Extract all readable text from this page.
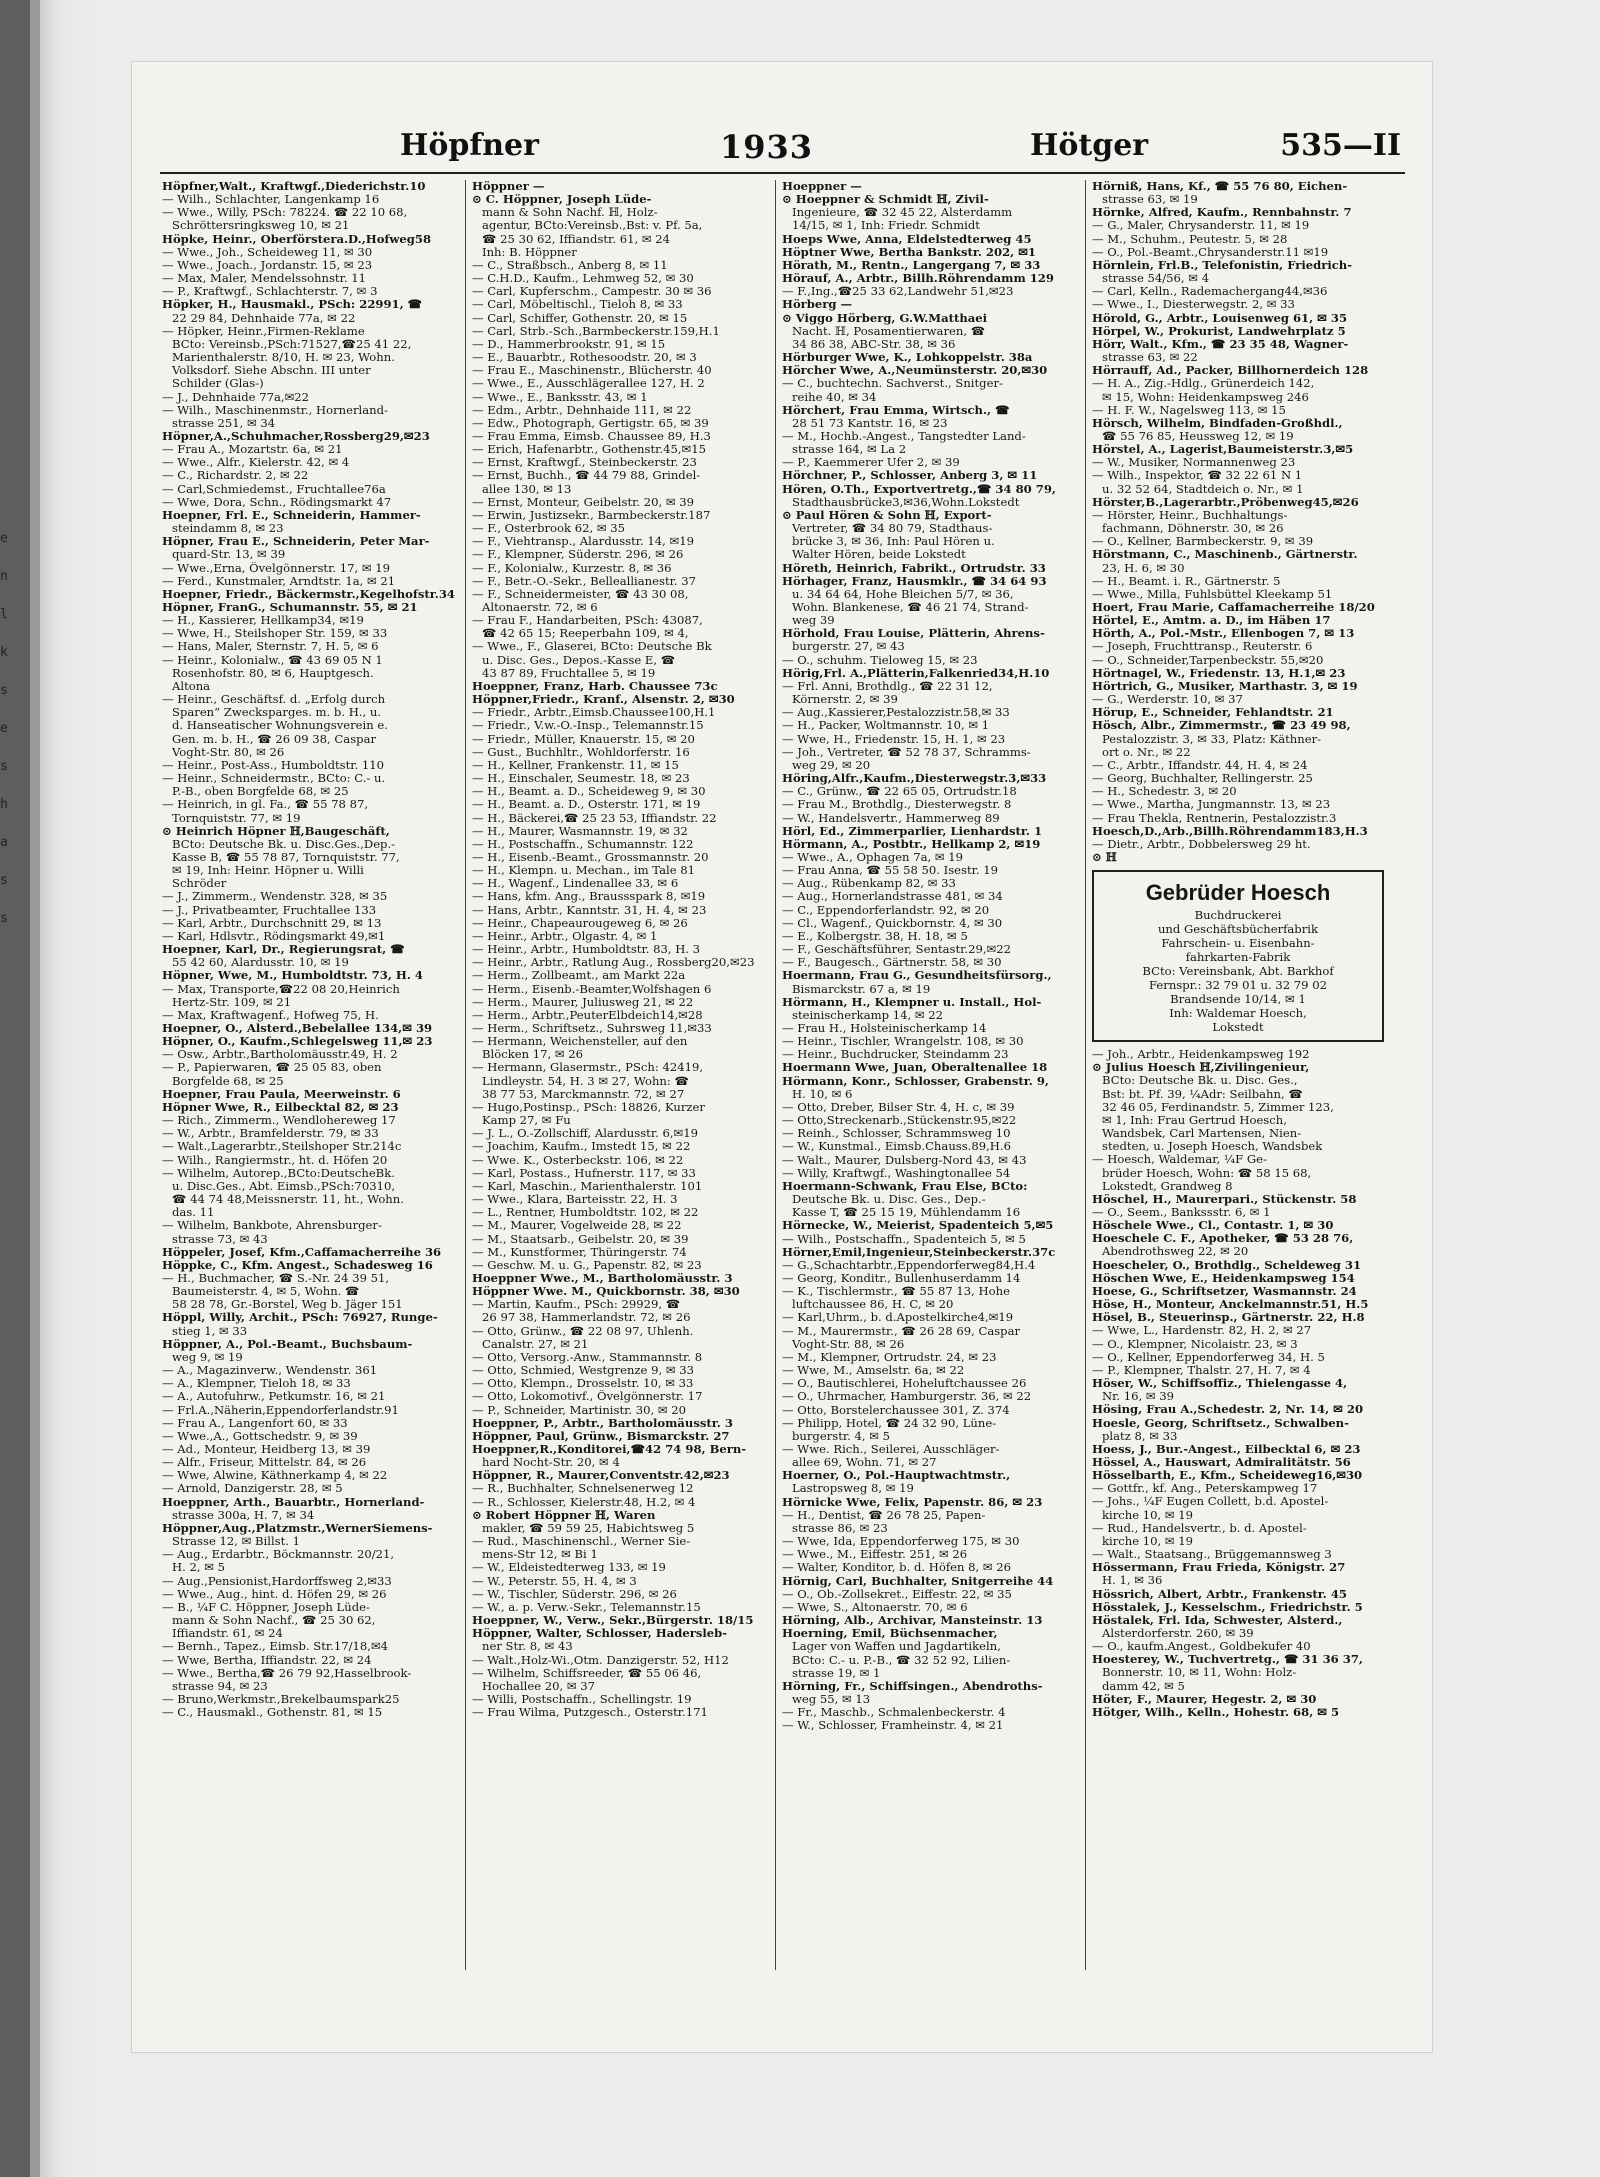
e
n
l
k
s
e
s
h
a
s
s
Höpfner	1933	Hötger	535—II
Höpfner,Walt., Kraftwgf.,Diederichstr.10
— Wilh., Schlachter, Langenkamp 16
— Wwe., Willy, PSch: 78224. ☎ 22 10 68,
Schröttersringksweg 10, ✉ 21
Höpke, Heinr., Oberförstera.D.,Hofweg58
— Wwe., Joh., Scheideweg 11, ✉ 30
— Wwe., Joach., Jordanstr. 15, ✉ 23
— Max, Maler, Mendelssohnstr. 11
— P., Kraftwgf., Schlachterstr. 7, ✉ 3
Höpker, H., Hausmakl., PSch: 22991, ☎
22 29 84, Dehnhaide 77a, ✉ 22
— Höpker, Heinr.,Firmen-Reklame
BCto: Vereinsb.,PSch:71527,☎25 41 22,
Marienthalerstr. 8/10, H. ✉ 23, Wohn.
Volksdorf. Siehe Abschn. III unter
Schilder (Glas-)
— J., Dehnhaide 77a,✉22
— Wilh., Maschinenmstr., Hornerland-
strasse 251, ✉ 34
Höpner,A.,Schuhmacher,Rossberg29,✉23
— Frau A., Mozartstr. 6a, ✉ 21
— Wwe., Alfr., Kielerstr. 42, ✉ 4
— C., Richardstr. 2, ✉ 22
— Carl,Schmiedemst., Fruchtallee76a
— Wwe, Dora, Schn., Rödingsmarkt 47
Hoepner, Frl. E., Schneiderin, Hammer-
steindamm 8, ✉ 23
Höpner, Frau E., Schneiderin, Peter Mar-
quard-Str. 13, ✉ 39
— Wwe.,Erna, Övelgönnerstr. 17, ✉ 19
— Ferd., Kunstmaler, Arndtstr. 1a, ✉ 21
Hoepner, Friedr., Bäckermstr.,Kegelhofstr.34
Höpner, FranG., Schumannstr. 55, ✉ 21
— H., Kassierer, Hellkamp34, ✉19
— Wwe, H., Steilshoper Str. 159, ✉ 33
— Hans, Maler, Sternstr. 7, H. 5, ✉ 6
— Heinr., Kolonialw., ☎ 43 69 05 N 1
Rosenhofstr. 80, ✉ 6, Hauptgesch.
Altona
— Heinr., Geschäftsf. d. „Erfolg durch
Sparen“ Zwecksparges. m. b. H., u.
d. Hanseatischer Wohnungsverein e.
Gen. m. b. H., ☎ 26 09 38, Caspar
Voght-Str. 80, ✉ 26
— Heinr., Post-Ass., Humboldtstr. 110
— Heinr., Schneidermstr., BCto: C.- u.
P.-B., oben Borgfelde 68, ✉ 25
— Heinrich, in gl. Fa., ☎ 55 78 87,
Tornquiststr. 77, ✉ 19
⊙ Heinrich Höpner ℍ,Baugeschäft,
BCto: Deutsche Bk. u. Disc.Ges.,Dep.-
Kasse B, ☎ 55 78 87, Tornquiststr. 77,
✉ 19, Inh: Heinr. Höpner u. Willi
Schröder
— J., Zimmerm., Wendenstr. 328, ✉ 35
— J., Privatbeamter, Fruchtallee 133
— Karl, Arbtr., Durchschnitt 29, ✉ 13
— Karl, Hdlsvtr., Rödingsmarkt 49,✉1
Hoepner, Karl, Dr., Regierungsrat, ☎
55 42 60, Alardusstr. 10, ✉ 19
Höpner, Wwe, M., Humboldtstr. 73, H. 4
— Max, Transporte,☎22 08 20,Heinrich
Hertz-Str. 109, ✉ 21
— Max, Kraftwagenf., Hofweg 75, H.
Hoepner, O., Alsterd.,Bebelallee 134,✉ 39
Höpner, O., Kaufm.,Schlegelsweg 11,✉ 23
— Osw., Arbtr.,Bartholomäusstr.49, H. 2
— P., Papierwaren, ☎ 25 05 83, oben
Borgfelde 68, ✉ 25
Hoepner, Frau Paula, Meerweinstr. 6
Höpner Wwe, R., Eilbecktal 82, ✉ 23
— Rich., Zimmerm., Wendlohereweg 17
— W., Arbtr., Bramfelderstr. 79, ✉ 33
— Walt.,Lagerarbtr.,Steilshoper Str.214c
— Wilh., Rangiermstr., ht. d. Höfen 20
— Wilhelm, Autorep.,BCto:DeutscheBk.
u. Disc.Ges., Abt. Eimsb.,PSch:70310,
☎ 44 74 48,Meissnerstr. 11, ht., Wohn.
das. 11
— Wilhelm, Bankbote, Ahrensburger-
strasse 73, ✉ 43
Höppeler, Josef, Kfm.,Caffamacherreihe 36
Höppke, C., Kfm. Angest., Schadesweg 16
— H., Buchmacher, ☎ S.-Nr. 24 39 51,
Baumeisterstr. 4, ✉ 5, Wohn. ☎
58 28 78, Gr.-Borstel, Weg b. Jäger 151
Höppl, Willy, Archit., PSch: 76927, Runge-
stieg 1, ✉ 33
Höppner, A., Pol.-Beamt., Buchsbaum-
weg 9, ✉ 19
— A., Magazinverw., Wendenstr. 361
— A., Klempner, Tieloh 18, ✉ 33
— A., Autofuhrw., Petkumstr. 16, ✉ 21
— Frl.A.,Näherin,Eppendorferlandstr.91
— Frau A., Langenfort 60, ✉ 33
— Wwe.,A., Gottschedstr. 9, ✉ 39
— Ad., Monteur, Heidberg 13, ✉ 39
— Alfr., Friseur, Mittelstr. 84, ✉ 26
— Wwe, Alwine, Käthnerkamp 4, ✉ 22
— Arnold, Danzigerstr. 28, ✉ 5
Hoeppner, Arth., Bauarbtr., Hornerland-
strasse 300a, H. 7, ✉ 34
Höppner,Aug.,Platzmstr.,WernerSiemens-
Strasse 12, ✉ Billst. 1
— Aug., Erdarbtr., Böckmannstr. 20/21,
H. 2, ✉ 5
— Aug.,Pensionist,Hardorffsweg 2,✉33
— Wwe., Aug., hint. d. Höfen 29, ✉ 26
— B., ¼F C. Höppner, Joseph Lüde-
mann & Sohn Nachf., ☎ 25 30 62,
Iffiandstr. 61, ✉ 24
— Bernh., Tapez., Eimsb. Str.17/18,✉4
— Wwe, Bertha, Iffiandstr. 22, ✉ 24
— Wwe., Bertha,☎ 26 79 92,Hasselbrook-
strasse 94, ✉ 23
— Bruno,Werkmstr.,Brekelbaumspark25
— C., Hausmakl., Gothenstr. 81, ✉ 15
Höppner —
⊙ C. Höppner, Joseph Lüde-
mann & Sohn Nachf. ℍ, Holz-
agentur, BCto:Vereinsb.,Bst: v. Pf. 5a,
☎ 25 30 62, Iffiandstr. 61, ✉ 24
Inh: B. Höppner
— C., Straßbsch., Anberg 8, ✉ 11
— C.H.D., Kaufm., Lehmweg 52, ✉ 30
— Carl, Kupferschm., Campestr. 30 ✉ 36
— Carl, Möbeltischl., Tieloh 8, ✉ 33
— Carl, Schiffer, Gothenstr. 20, ✉ 15
— Carl, Strb.-Sch.,Barmbeckerstr.159,H.1
— D., Hammerbrookstr. 91, ✉ 15
— E., Bauarbtr., Rothesoodstr. 20, ✉ 3
— Frau E., Maschinenstr., Blücherstr. 40
— Wwe., E., Ausschlägerallee 127, H. 2
— Wwe., E., Banksstr. 43, ✉ 1
— Edm., Arbtr., Dehnhaide 111, ✉ 22
— Edw., Photograph, Gertigstr. 65, ✉ 39
— Frau Emma, Eimsb. Chaussee 89, H.3
— Erich, Hafenarbtr., Gothenstr.45,✉15
— Ernst, Kraftwgf., Steinbeckerstr. 23
— Ernst, Buchh., ☎ 44 79 88, Grindel-
allee 130, ✉ 13
— Ernst, Monteur, Geibelstr. 20, ✉ 39
— Erwin, Justizsekr., Barmbeckerstr.187
— F., Osterbrook 62, ✉ 35
— F., Viehtransp., Alardusstr. 14, ✉19
— F., Klempner, Süderstr. 296, ✉ 26
— F., Kolonialw., Kurzestr. 8, ✉ 36
— F., Betr.-O.-Sekr., Belleallianestr. 37
— F., Schneidermeister, ☎ 43 30 08,
Altonaerstr. 72, ✉ 6
— Frau F., Handarbeiten, PSch: 43087,
☎ 42 65 15; Reeperbahn 109, ✉ 4,
— Wwe., F., Glaserei, BCto: Deutsche Bk
u. Disc. Ges., Depos.-Kasse E, ☎
43 87 89, Fruchtallee 5, ✉ 19
Hoeppner, Franz, Harb. Chaussee 73c
Höppner,Friedr., Kranf., Alsenstr. 2, ✉30
— Friedr., Arbtr.,Eimsb.Chaussee100,H.1
— Friedr., V.w.-O.-Insp., Telemannstr.15
— Friedr., Müller, Knauerstr. 15, ✉ 20
— Gust., Buchhltr., Wohldorferstr. 16
— H., Kellner, Frankenstr. 11, ✉ 15
— H., Einschaler, Seumestr. 18, ✉ 23
— H., Beamt. a. D., Scheideweg 9, ✉ 30
— H., Beamt. a. D., Osterstr. 171, ✉ 19
— H., Bäckerei,☎ 25 23 53, Iffiandstr. 22
— H., Maurer, Wasmannstr. 19, ✉ 32
— H., Postschaffn., Schumannstr. 122
— H., Eisenb.-Beamt., Grossmannstr. 20
— H., Klempn. u. Mechan., im Tale 81
— H., Wagenf., Lindenallee 33, ✉ 6
— Hans, kfm. Ang., Braussspark 8, ✉19
— Hans, Arbtr., Kanntstr. 31, H. 4, ✉ 23
— Heinr., Chapeaurougeweg 6, ✉ 26
— Heinr., Arbtr., Olgastr. 4, ✉ 1
— Heinr., Arbtr., Humboldtstr. 83, H. 3
— Heinr., Arbtr., Ratlung Aug., Rossberg20,✉23
— Herm., Zollbeamt., am Markt 22a
— Herm., Eisenb.-Beamter,Wolfshagen 6
— Herm., Maurer, Juliusweg 21, ✉ 22
— Herm., Arbtr.,PeuterElbdeich14,✉28
— Herm., Schriftsetz., Suhrsweg 11,✉33
— Hermann, Weichensteller, auf den
Blöcken 17, ✉ 26
— Hermann, Glasermstr., PSch: 42419,
Lindleystr. 54, H. 3 ✉ 27, Wohn: ☎
38 77 53, Marckmannstr. 72, ✉ 27
— Hugo,Postinsp., PSch: 18826, Kurzer
Kamp 27, ✉ Fu
— J. L., O.-Zollschiff, Alardusstr. 6,✉19
— Joachim, Kaufm., Imstedt 15, ✉ 22
— Wwe. K., Osterbeckstr. 106, ✉ 22
— Karl, Postass., Hufnerstr. 117, ✉ 33
— Karl, Maschin., Marienthalerstr. 101
— Wwe., Klara, Barteisstr. 22, H. 3
— L., Rentner, Humboldtstr. 102, ✉ 22
— M., Maurer, Vogelweide 28, ✉ 22
— M., Staatsarb., Geibelstr. 20, ✉ 39
— M., Kunstformer, Thüringerstr. 74
— Geschw. M. u. G., Papenstr. 82, ✉ 23
Hoeppner Wwe., M., Bartholomäusstr. 3
Höppner Wwe. M., Quickbornstr. 38, ✉30
— Martin, Kaufm., PSch: 29929, ☎
26 97 38, Hammerlandstr. 72, ✉ 26
— Otto, Grünw., ☎ 22 08 97, Uhlenh.
Canalstr. 27, ✉ 21
— Otto, Versorg.-Anw., Stammannstr. 8
— Otto, Schmied, Westgrenze 9, ✉ 33
— Otto, Klempn., Drosselstr. 10, ✉ 33
— Otto, Lokomotivf., Övelgönnerstr. 17
— P., Schneider, Martinistr. 30, ✉ 20
Hoeppner, P., Arbtr., Bartholomäusstr. 3
Höppner, Paul, Grünw., Bismarckstr. 27
Hoeppner,R.,Konditorei,☎42 74 98, Bern-
hard Nocht-Str. 20, ✉ 4
Höppner, R., Maurer,Conventstr.42,✉23
— R., Buchhalter, Schnelsenerweg 12
— R., Schlosser, Kielerstr.48, H.2, ✉ 4
⊙ Robert Höppner ℍ, Waren
makler, ☎ 59 59 25, Habichtsweg 5
— Rud., Maschinenschl., Werner Sie-
mens-Str 12, ✉ Bi 1
— W., Eldeistedterweg 133, ✉ 19
— W., Peterstr. 55, H. 4, ✉ 3
— W., Tischler, Süderstr. 296, ✉ 26
— W., a. p. Verw.-Sekr., Telemannstr.15
Hoeppner, W., Verw., Sekr.,Bürgerstr. 18/15
Höppner, Walter, Schlosser, Hadersleb-
ner Str. 8, ✉ 43
— Walt.,Holz-Wi.,Otm. Danzigerstr. 52, H12
— Wilhelm, Schiffsreeder, ☎ 55 06 46,
Hochallee 20, ✉ 37
— Willi, Postschaffn., Schellingstr. 19
— Frau Wilma, Putzgesch., Osterstr.171
Hoeppner —
⊙ Hoeppner & Schmidt ℍ, Zivil-
Ingenieure, ☎ 32 45 22, Alsterdamm
14/15, ✉ 1, Inh: Friedr. Schmidt
Hoeps Wwe, Anna, Eldelstedterweg 45
Höptner Wwe, Bertha Bankstr. 202, ✉1
Hörath, M., Rentn., Langergang 7, ✉ 33
Hörauf, A., Arbtr., Billh.Röhrendamm 129
— F.,Ing.,☎25 33 62,Landwehr 51,✉23
Hörberg —
⊙ Viggo Hörberg, G.W.Matthaei
Nacht. ℍ, Posamentierwaren, ☎
34 86 38, ABC-Str. 38, ✉ 36
Hörburger Wwe, K., Lohkoppelstr. 38a
Hörcher Wwe, A.,Neumünsterstr. 20,✉30
— C., buchtechn. Sachverst., Snitger-
reihe 40, ✉ 34
Hörchert, Frau Emma, Wirtsch., ☎
28 51 73 Kantstr. 16, ✉ 23
— M., Hochb.-Angest., Tangstedter Land-
strasse 164, ✉ La 2
— P., Kaemmerer Ufer 2, ✉ 39
Hörchner, P., Schlosser, Anberg 3, ✉ 11
Hören, O.Th., Exportvertretg.,☎ 34 80 79,
Stadthausbrücke3,✉36,Wohn.Lokstedt
⊙ Paul Hören & Sohn ℍ, Export-
Vertreter, ☎ 34 80 79, Stadthaus-
brücke 3, ✉ 36, Inh: Paul Hören u.
Walter Hören, beide Lokstedt
Höreth, Heinrich, Fabrikt., Ortrudstr. 33
Hörhager, Franz, Hausmklr., ☎ 34 64 93
u. 34 64 64, Hohe Bleichen 5/7, ✉ 36,
Wohn. Blankenese, ☎ 46 21 74, Strand-
weg 39
Hörhold, Frau Louise, Plätterin, Ahrens-
burgerstr. 27, ✉ 43
— O., schuhm. Tieloweg 15, ✉ 23
Hörig,Frl. A.,Plätterin,Falkenried34,H.10
— Frl. Anni, Brothdlg., ☎ 22 31 12,
Körnerstr. 2, ✉ 39
— Aug.,Kassierer,Pestalozzistr.58,✉ 33
— H., Packer, Woltmannstr. 10, ✉ 1
— Wwe, H., Friedenstr. 15, H. 1, ✉ 23
— Joh., Vertreter, ☎ 52 78 37, Schramms-
weg 29, ✉ 20
Höring,Alfr.,Kaufm.,Diesterwegstr.3,✉33
— C., Grünw., ☎ 22 65 05, Ortrudstr.18
— Frau M., Brothdlg., Diesterwegstr. 8
— W., Handelsvertr., Hammerweg 89
Hörl, Ed., Zimmerparlier, Lienhardstr. 1
Hörmann, A., Postbtr., Hellkamp 2, ✉19
— Wwe., A., Ophagen 7a, ✉ 19
— Frau Anna, ☎ 55 58 50. Isestr. 19
— Aug., Rübenkamp 82, ✉ 33
— Aug., Hornerlandstrasse 481, ✉ 34
— C., Eppendorferlandstr. 92, ✉ 20
— Cl., Wagenf., Quickbornstr. 4, ✉ 30
— E., Kolbergstr. 38, H. 18, ✉ 5
— F., Geschäftsführer, Sentastr.29,✉22
— F., Baugesch., Gärtnerstr. 58, ✉ 30
Hoermann, Frau G., Gesundheitsfürsorg.,
Bismarckstr. 67 a, ✉ 19
Hörmann, H., Klempner u. Install., Hol-
steinischerkamp 14, ✉ 22
— Frau H., Holsteinischerkamp 14
— Heinr., Tischler, Wrangelstr. 108, ✉ 30
— Heinr., Buchdrucker, Steindamm 23
Hoermann Wwe, Juan, Oberaltenallee 18
Hörmann, Konr., Schlosser, Grabenstr. 9,
H. 10, ✉ 6
— Otto, Dreber, Bilser Str. 4, H. c, ✉ 39
— Otto,Streckenarb.,Stückenstr.95,✉22
— Reinh., Schlosser, Schrammsweg 10
— W., Kunstmal., Eimsb.Chauss.89,H.6
— Walt., Maurer, Dulsberg-Nord 43, ✉ 43
— Willy, Kraftwgf., Washingtonallee 54
Hoermann-Schwank, Frau Else, BCto:
Deutsche Bk. u. Disc. Ges., Dep.-
Kasse T, ☎ 25 15 19, Mühlendamm 16
Hörnecke, W., Meierist, Spadenteich 5,✉5
— Wilh., Postschaffn., Spadenteich 5, ✉ 5
Hörner,Emil,Ingenieur,Steinbeckerstr.37c
— G.,Schachtarbtr.,Eppendorferweg84,H.4
— Georg, Konditr., Bullenhuserdamm 14
— K., Tischlermstr., ☎ 55 87 13, Hohe
luftchaussee 86, H. C, ✉ 20
— Karl,Uhrm., b. d.Apostelkirche4,✉19
— M., Maurermstr., ☎ 26 28 69, Caspar
Voght-Str. 88, ✉ 26
— M., Klempner, Ortrudstr. 24, ✉ 23
— Wwe, M., Amselstr. 6a, ✉ 22
— O., Bautischlerei, Hoheluftchaussee 26
— O., Uhrmacher, Hamburgerstr. 36, ✉ 22
— Otto, Borstelerchaussee 301, Z. 374
— Philipp, Hotel, ☎ 24 32 90, Lüne-
burgerstr. 4, ✉ 5
— Wwe. Rich., Seilerei, Ausschläger-
allee 69, Wohn. 71, ✉ 27
Hoerner, O., Pol.-Hauptwachtmstr.,
Lastropsweg 8, ✉ 19
Hörnicke Wwe, Felix, Papenstr. 86, ✉ 23
— H., Dentist, ☎ 26 78 25, Papen-
strasse 86, ✉ 23
— Wwe, Ida, Eppendorferweg 175, ✉ 30
— Wwe., M., Eiffestr. 251, ✉ 26
— Walter, Konditor, b. d. Höfen 8, ✉ 26
Hörnig, Carl, Buchhalter, Snitgerreihe 44
— O., Ob.-Zollsekret., Eiffestr. 22, ✉ 35
— Wwe, S., Altonaerstr. 70, ✉ 6
Hörning, Alb., Archivar, Mansteinstr. 13
Hoerning, Emil, Büchsenmacher,
Lager von Waffen und Jagdartikeln,
BCto: C.- u. P.-B., ☎ 32 52 92, Lilien-
strasse 19, ✉ 1
Hörning, Fr., Schiffsingen., Abendroths-
weg 55, ✉ 13
— Fr., Maschb., Schmalenbeckerstr. 4
— W., Schlosser, Framheinstr. 4, ✉ 21
Hörniß, Hans, Kf., ☎ 55 76 80, Eichen-
strasse 63, ✉ 19
Hörnke, Alfred, Kaufm., Rennbahnstr. 7
— G., Maler, Chrysanderstr. 11, ✉ 19
— M., Schuhm., Peutestr. 5, ✉ 28
— O., Pol.-Beamt.,Chrysanderstr.11 ✉19
Hörnlein, Frl.B., Telefonistin, Friedrich-
strasse 54/56, ✉ 4
— Carl, Kelln., Rademachergang44,✉36
— Wwe., I., Diesterwegstr. 2, ✉ 33
Hörold, G., Arbtr., Louisenweg 61, ✉ 35
Hörpel, W., Prokurist, Landwehrplatz 5
Hörr, Walt., Kfm., ☎ 23 35 48, Wagner-
strasse 63, ✉ 22
Hörrauff, Ad., Packer, Billhornerdeich 128
— H. A., Zig.-Hdlg., Grünerdeich 142,
✉ 15, Wohn: Heidenkampsweg 246
— H. F. W., Nagelsweg 113, ✉ 15
Hörsch, Wilhelm, Bindfaden-Großhdl.,
☎ 55 76 85, Heussweg 12, ✉ 19
Hörstel, A., Lagerist,Baumeisterstr.3,✉5
— W., Musiker, Normannenweg 23
— Wilh., Inspektor, ☎ 32 22 61 N 1
u. 32 52 64, Stadtdeich o. Nr., ✉ 1
Hörster,B.,Lagerarbtr.,Pröbenweg45,✉26
— Hörster, Heinr., Buchhaltungs-
fachmann, Döhnerstr. 30, ✉ 26
— O., Kellner, Barmbeckerstr. 9, ✉ 39
Hörstmann, C., Maschinenb., Gärtnerstr.
23, H. 6, ✉ 30
— H., Beamt. i. R., Gärtnerstr. 5
— Wwe., Milla, Fuhlsbüttel Kleekamp 51
Hoert, Frau Marie, Caffamacherreihe 18/20
Hörtel, E., Amtm. a. D., im Häben 17
Hörth, A., Pol.-Mstr., Ellenbogen 7, ✉ 13
— Joseph, Fruchttransp., Reuterstr. 6
— O., Schneider,Tarpenbeckstr. 55,✉20
Hörtnagel, W., Friedenstr. 13, H.1,✉ 23
Hörtrich, G., Musiker, Marthastr. 3, ✉ 19
— G., Werderstr. 10, ✉ 37
Hörup, E., Schneider, Fehlandtstr. 21
Hösch, Albr., Zimmermstr., ☎ 23 49 98,
Pestalozzistr. 3, ✉ 33, Platz: Käthner-
ort o. Nr., ✉ 22
— C., Arbtr., Iffandstr. 44, H. 4, ✉ 24
— Georg, Buchhalter, Rellingerstr. 25
— H., Schedestr. 3, ✉ 20
— Wwe., Martha, Jungmannstr. 13, ✉ 23
— Frau Thekla, Rentnerin, Pestalozzistr.3
Hoesch,D.,Arb.,Billh.Röhrendamm183,H.3
— Dietr., Arbtr., Dobbelersweg 29 ht.
⊙ ℍ
Gebrüder Hoesch
Buchdruckerei
und Geschäftsbücherfabrik
Fahrschein- u. Eisenbahn-
fahrkarten-Fabrik
BCto: Vereinsbank, Abt. Barkhof
Fernspr.: 32 79 01 u. 32 79 02
Brandsende 10/14, ✉ 1
Inh: Waldemar Hoesch,
Lokstedt
— Joh., Arbtr., Heidenkampsweg 192
⊙ Julius Hoesch ℍ,Zivilingenieur,
BCto: Deutsche Bk. u. Disc. Ges.,
Bst: bt. Pf. 39, ¼Adr: Seilbahn, ☎
32 46 05, Ferdinandstr. 5, Zimmer 123,
✉ 1, Inh: Frau Gertrud Hoesch,
Wandsbek, Carl Martensen, Nien-
stedten, u. Joseph Hoesch, Wandsbek
— Hoesch, Waldemar, ¼F Ge-
brüder Hoesch, Wohn: ☎ 58 15 68,
Lokstedt, Grandweg 8
Höschel, H., Maurerpari., Stückenstr. 58
— O., Seem., Bankssstr. 6, ✉ 1
Höschele Wwe., Cl., Contastr. 1, ✉ 30
Hoeschele C. F., Apotheker, ☎ 53 28 76,
Abendrothsweg 22, ✉ 20
Hoescheler, O., Brothdlg., Scheldeweg 31
Höschen Wwe, E., Heidenkampsweg 154
Hoese, G., Schriftsetzer, Wasmannstr. 24
Höse, H., Monteur, Anckelmannstr.51, H.5
Hösel, B., Steuerinsp., Gärtnerstr. 22, H.8
— Wwe, L., Hardenstr. 82, H. 2, ✉ 27
— O., Klempner, Nicolaistr. 23, ✉ 3
— O., Kellner, Eppendorferweg 34, H. 5
— P., Klempner, Thalstr. 27, H. 7, ✉ 4
Höser, W., Schiffsoffiz., Thielengasse 4,
Nr. 16, ✉ 39
Hösing, Frau A.,Schedestr. 2, Nr. 14, ✉ 20
Hoesle, Georg, Schriftsetz., Schwalben-
platz 8, ✉ 33
Hoess, J., Bur.-Angest., Eilbecktal 6, ✉ 23
Hössel, A., Hauswart, Admiralitätstr. 56
Hösselbarth, E., Kfm., Scheideweg16,✉30
— Gottfr., kf. Ang., Peterskampweg 17
— Johs., ¼F Eugen Collett, b.d. Apostel-
kirche 10, ✉ 19
— Rud., Handelsvertr., b. d. Apostel-
kirche 10, ✉ 19
— Walt., Staatsang., Brüggemannsweg 3
Hössermann, Frau Frieda, Königstr. 27
H. 1, ✉ 36
Hössrich, Albert, Arbtr., Frankenstr. 45
Hösstalek, J., Kesselschm., Friedrichstr. 5
Höstalek, Frl. Ida, Schwester, Alsterd.,
Alsterdorferstr. 260, ✉ 39
— O., kaufm.Angest., Goldbekufer 40
Hoesterey, W., Tuchvertretg., ☎ 31 36 37,
Bonnerstr. 10, ✉ 11, Wohn: Holz-
damm 42, ✉ 5
Höter, F., Maurer, Hegestr. 2, ✉ 30
Hötger, Wilh., Kelln., Hohestr. 68, ✉ 5
